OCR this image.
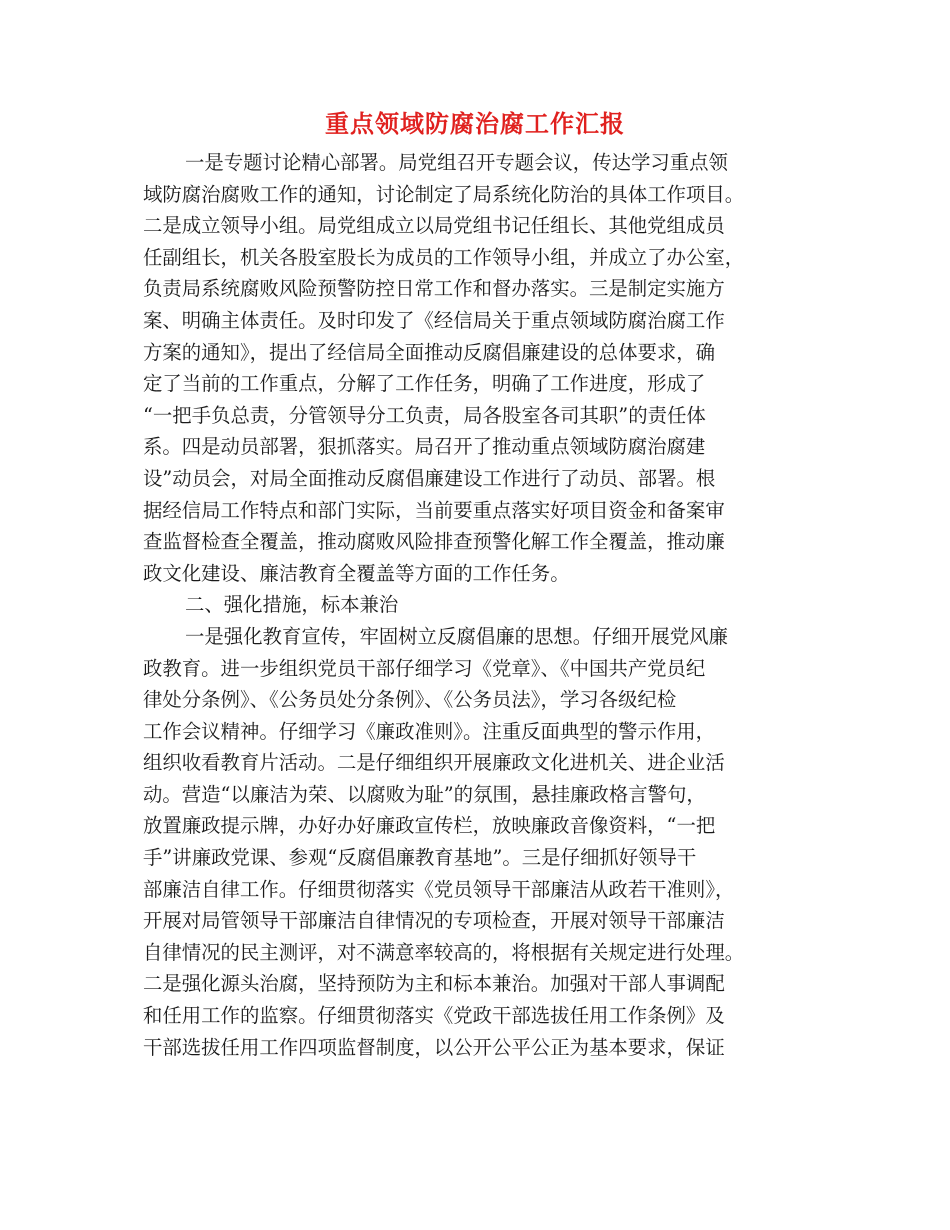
重点领域防腐治腐工作汇报
一是专题讨论精心部署。局党组召开专题会议，传达学习重点领
域防腐治腐败工作的通知，讨论制定了局系统化防治的具体工作项目。
二是成立领导小组。局党组成立以局党组书记任组长、其他党组成员
任副组长，机关各股室股长为成员的工作领导小组，并成立了办公室，
负责局系统腐败风险预警防控日常工作和督办落实。三是制定实施方
案、明确主体责任。及时印发了《经信局关于重点领域防腐治腐工作
方案的通知》，提出了经信局全面推动反腐倡廉建设的总体要求，确
定了当前的工作重点，分解了工作任务，明确了工作进度，形成了
“一把手负总责，分管领导分工负责，局各股室各司其职”的责任体
系。四是动员部署，狠抓落实。局召开了推动重点领域防腐治腐建
设”动员会，对局全面推动反腐倡廉建设工作进行了动员、部署。根
据经信局工作特点和部门实际，当前要重点落实好项目资金和备案审
查监督检查全覆盖，推动腐败风险排查预警化解工作全覆盖，推动廉
政文化建设、廉洁教育全覆盖等方面的工作任务。
二、强化措施，标本兼治
一是强化教育宣传，牢固树立反腐倡廉的思想。仔细开展党风廉
政教育。进一步组织党员干部仔细学习《党章》、《中国共产党员纪
律处分条例》、《公务员处分条例》、《公务员法》，学习各级纪检
工作会议精神。仔细学习《廉政准则》。注重反面典型的警示作用，
组织收看教育片活动。二是仔细组织开展廉政文化进机关、进企业活
动。营造“以廉洁为荣、以腐败为耻”的氛围，悬挂廉政格言警句，
放置廉政提示牌，办好办好廉政宣传栏，放映廉政音像资料，“一把
手”讲廉政党课、参观“反腐倡廉教育基地”。三是仔细抓好领导干
部廉洁自律工作。仔细贯彻落实《党员领导干部廉洁从政若干准则》，
开展对局管领导干部廉洁自律情况的专项检查，开展对领导干部廉洁
自律情况的民主测评，对不满意率较高的，将根据有关规定进行处理。
二是强化源头治腐，坚持预防为主和标本兼治。加强对干部人事调配
和任用工作的监察。仔细贯彻落实《党政干部选拔任用工作条例》及
干部选拔任用工作四项监督制度，以公开公平公正为基本要求，保证
